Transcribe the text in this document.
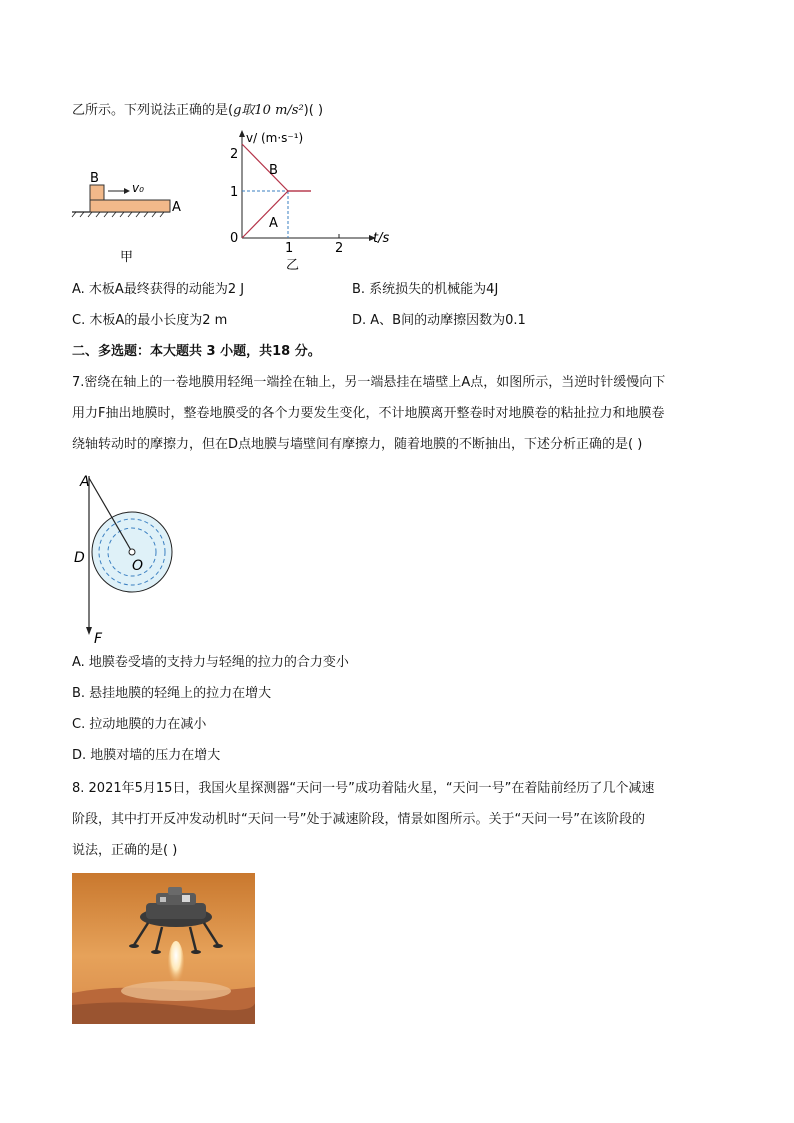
乙所示。下列说法正确的是(g取10 m/s²)( )
B
A
v₀
甲
v/ (m·s⁻¹)
t/s
0
2
1
1	2
B
A
乙
A. 木板A最终获得的动能为2 J	B. 系统损失的机械能为4J
C. 木板A的最小长度为2 m	D. A、B间的动摩擦因数为0.1
二、多选题：本大题共 3 小题，共18 分。
7.密绕在轴上的一卷地膜用轻绳一端拴在轴上，另一端悬挂在墙壁上A点，如图所示，当逆时针缓慢向下
用力F抽出地膜时，整卷地膜受的各个力要发生变化，不计地膜离开整卷时对地膜卷的粘扯拉力和地膜卷
绕轴转动时的摩擦力，但在D点地膜与墙壁间有摩擦力，随着地膜的不断抽出，下述分析正确的是( )
A
D	O
F
A. 地膜卷受墙的支持力与轻绳的拉力的合力变小
B. 悬挂地膜的轻绳上的拉力在增大
C. 拉动地膜的力在减小
D. 地膜对墙的压力在增大
8. 2021年5月15日，我国火星探测器“天问一号”成功着陆火星，“天问一号”在着陆前经历了几个减速
阶段，其中打开反冲发动机时“天问一号”处于减速阶段，情景如图所示。关于“天问一号”在该阶段的
说法，正确的是( )
